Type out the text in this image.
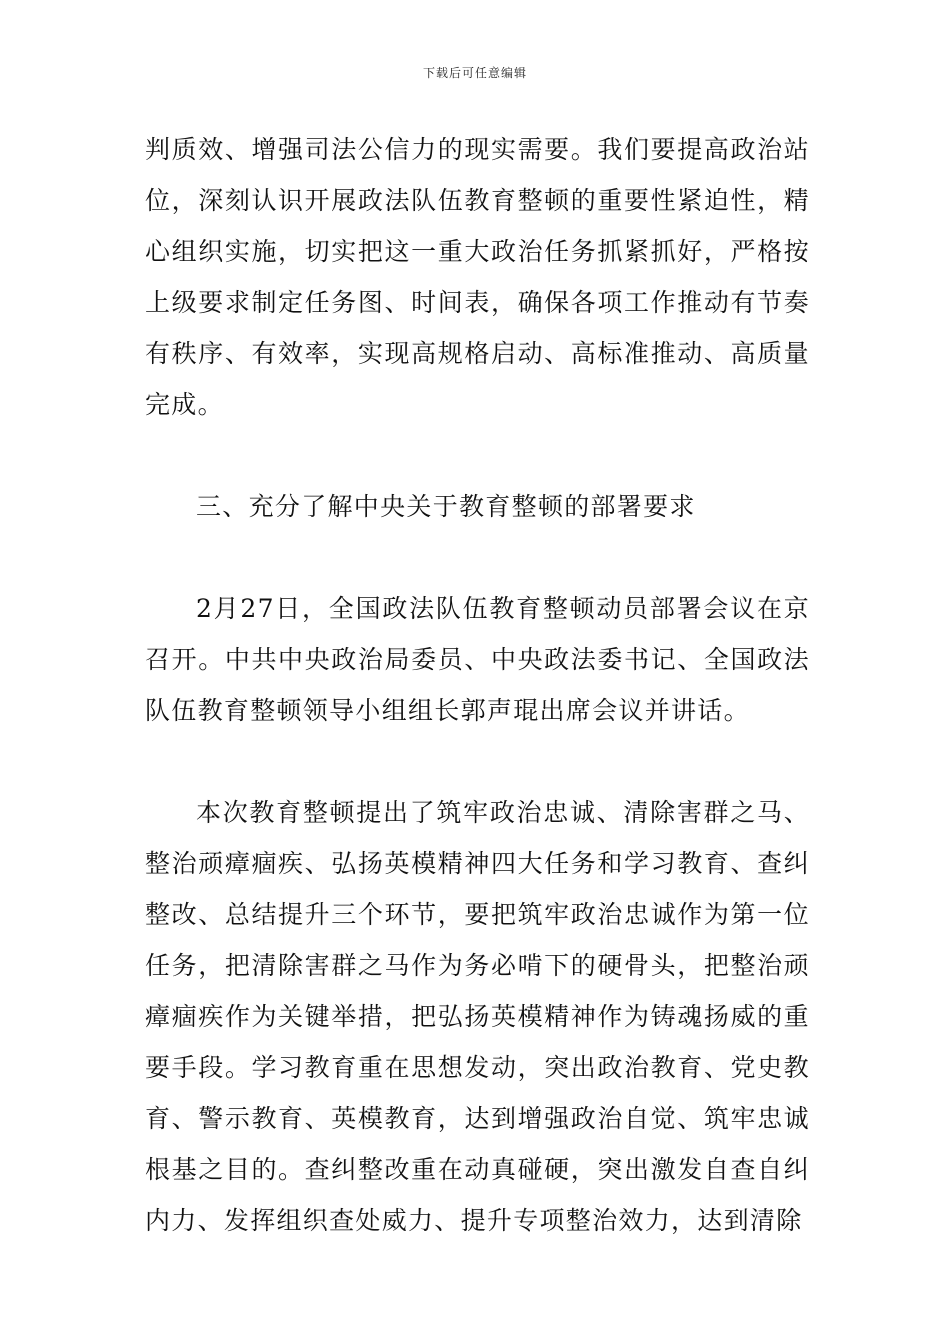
下载后可任意编辑

判质效、增强司法公信力的现实需要。我们要提高政治站位，深刻认识开展政法队伍教育整顿的重要性紧迫性，精心组织实施，切实把这一重大政治任务抓紧抓好，严格按上级要求制定任务图、时间表，确保各项工作推动有节奏有秩序、有效率，实现高规格启动、高标准推动、高质量完成。

三、充分了解中央关于教育整顿的部署要求

2月27日，全国政法队伍教育整顿动员部署会议在京召开。中共中央政治局委员、中央政法委书记、全国政法队伍教育整顿领导小组组长郭声琨出席会议并讲话。

本次教育整顿提出了筑牢政治忠诚、清除害群之马、整治顽瘴痼疾、弘扬英模精神四大任务和学习教育、查纠整改、总结提升三个环节，要把筑牢政治忠诚作为第一位任务，把清除害群之马作为务必啃下的硬骨头，把整治顽瘴痼疾作为关键举措，把弘扬英模精神作为铸魂扬威的重要手段。学习教育重在思想发动，突出政治教育、党史教育、警示教育、英模教育，达到增强政治自觉、筑牢忠诚根基之目的。查纠整改重在动真碰硬，突出激发自查自纠内力、发挥组织查处威力、提升专项整治效力，达到清除
